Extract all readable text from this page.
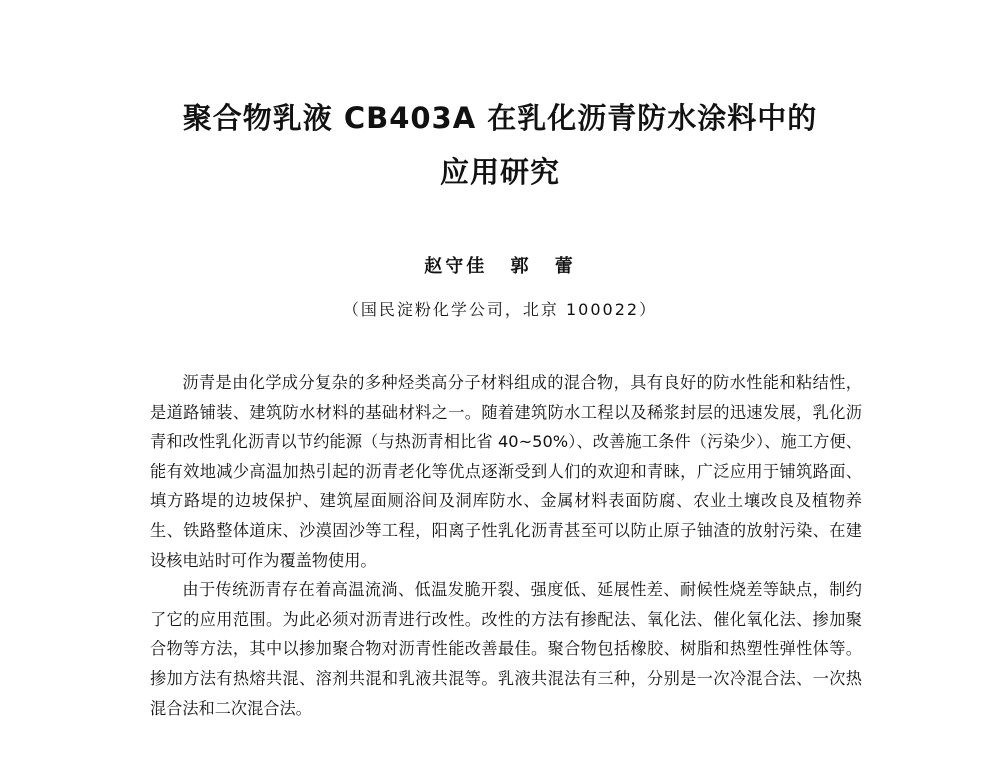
聚合物乳液 CB403A 在乳化沥青防水涂料中的
应用研究
赵守佳 郭 蕾
（国民淀粉化学公司，北京 100022）

沥青是由化学成分复杂的多种烃类高分子材料组成的混合物，具有良好的防水性能和粘结性，是道路铺装、建筑防水材料的基础材料之一。随着建筑防水工程以及稀浆封层的迅速发展，乳化沥青和改性乳化沥青以节约能源（与热沥青相比省 40~50%）、改善施工条件（污染少）、施工方便、能有效地减少高温加热引起的沥青老化等优点逐渐受到人们的欢迎和青睐，广泛应用于铺筑路面、填方路堤的边坡保护、建筑屋面厕浴间及洞库防水、金属材料表面防腐、农业土壤改良及植物养生、铁路整体道床、沙漠固沙等工程，阳离子性乳化沥青甚至可以防止原子铀渣的放射污染、在建设核电站时可作为覆盖物使用。

由于传统沥青存在着高温流淌、低温发脆开裂、强度低、延展性差、耐候性烧差等缺点，制约了它的应用范围。为此必须对沥青进行改性。改性的方法有掺配法、氧化法、催化氧化法、掺加聚合物等方法，其中以掺加聚合物对沥青性能改善最佳。聚合物包括橡胶、树脂和热塑性弹性体等。掺加方法有热熔共混、溶剂共混和乳液共混等。乳液共混法有三种，分别是一次冷混合法、一次热混合法和二次混合法。
